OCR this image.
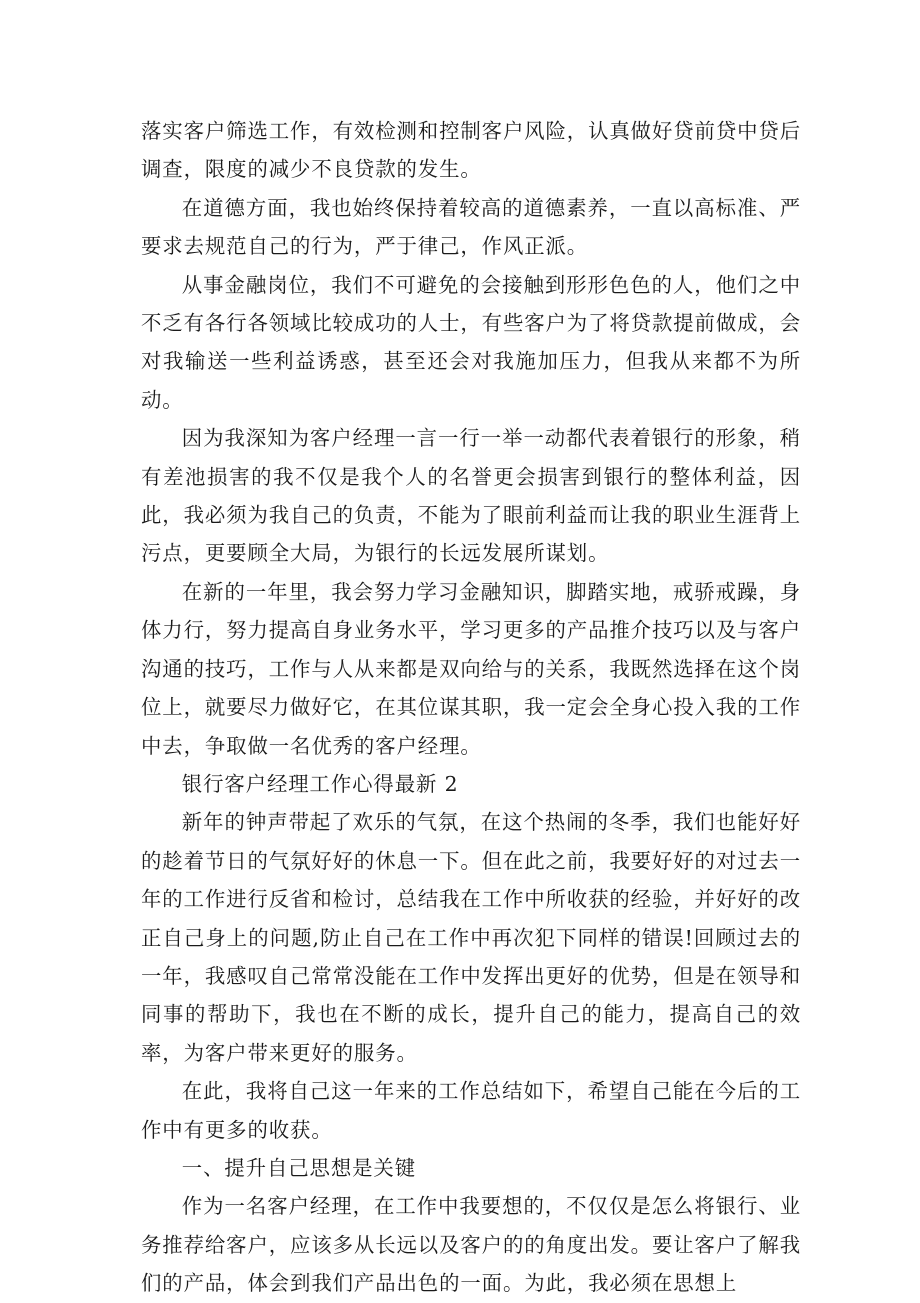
落实客户筛选工作，有效检测和控制客户风险，认真做好贷前贷中贷后调查，限度的减少不良贷款的发生。

在道德方面，我也始终保持着较高的道德素养，一直以高标准、严要求去规范自己的行为，严于律己，作风正派。

从事金融岗位，我们不可避免的会接触到形形色色的人，他们之中不乏有各行各领域比较成功的人士，有些客户为了将贷款提前做成，会对我输送一些利益诱惑，甚至还会对我施加压力，但我从来都不为所动。

因为我深知为客户经理一言一行一举一动都代表着银行的形象，稍有差池损害的我不仅是我个人的名誉更会损害到银行的整体利益，因此，我必须为我自己的负责，不能为了眼前利益而让我的职业生涯背上污点，更要顾全大局，为银行的长远发展所谋划。

在新的一年里，我会努力学习金融知识，脚踏实地，戒骄戒躁，身体力行，努力提高自身业务水平，学习更多的产品推介技巧以及与客户沟通的技巧，工作与人从来都是双向给与的关系，我既然选择在这个岗位上，就要尽力做好它，在其位谋其职，我一定会全身心投入我的工作中去，争取做一名优秀的客户经理。

银行客户经理工作心得最新 2

新年的钟声带起了欢乐的气氛，在这个热闹的冬季，我们也能好好的趁着节日的气氛好好的休息一下。但在此之前，我要好好的对过去一年的工作进行反省和检讨，总结我在工作中所收获的经验，并好好的改正自己身上的问题,防止自己在工作中再次犯下同样的错误!回顾过去的一年，我感叹自己常常没能在工作中发挥出更好的优势，但是在领导和同事的帮助下，我也在不断的成长，提升自己的能力，提高自己的效率，为客户带来更好的服务。

在此，我将自己这一年来的工作总结如下，希望自己能在今后的工作中有更多的收获。

一、提升自己思想是关键

作为一名客户经理，在工作中我要想的，不仅仅是怎么将银行、业务推荐给客户，应该多从长远以及客户的的角度出发。要让客户了解我们的产品，体会到我们产品出色的一面。为此，我必须在思想上
